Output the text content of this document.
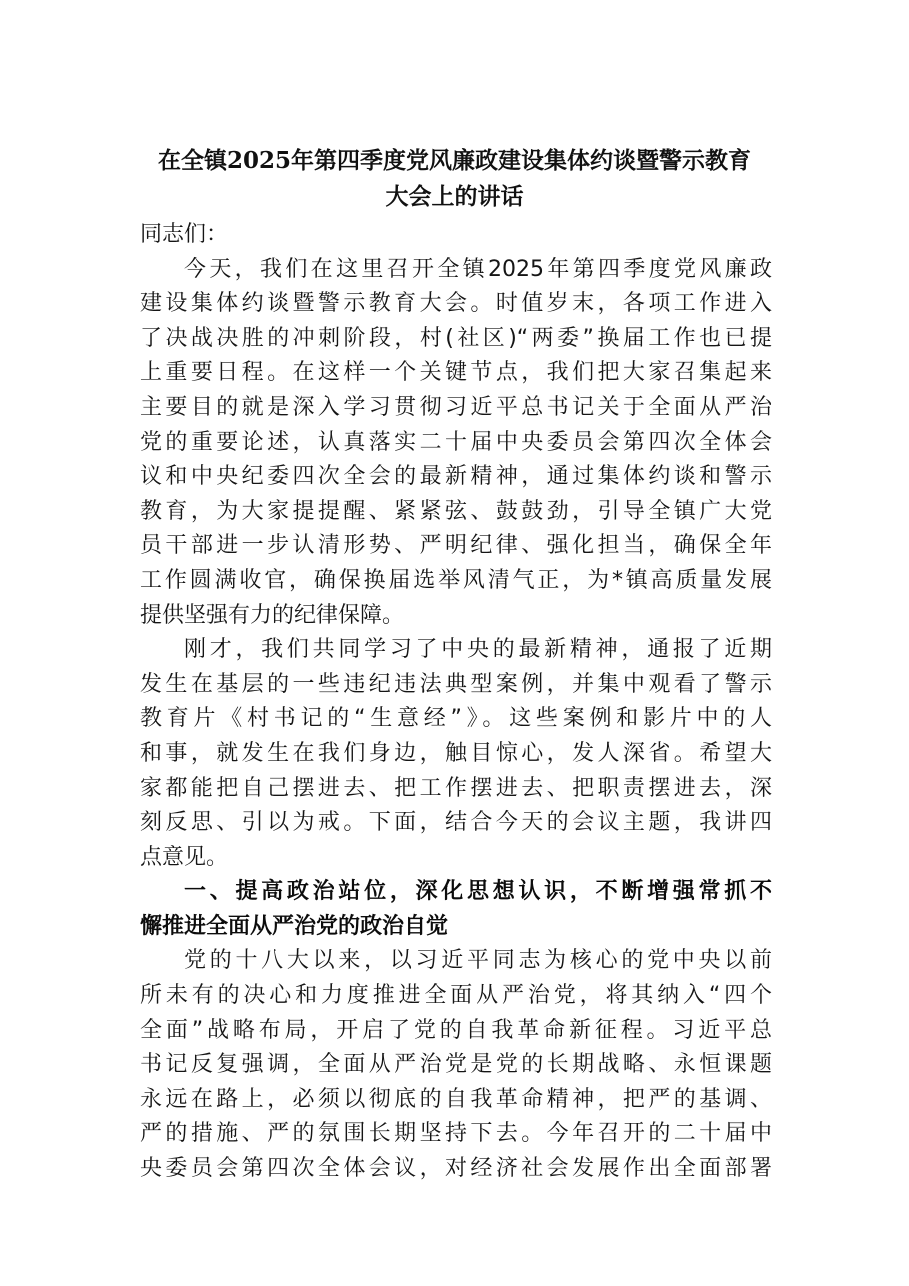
在全镇2025年第四季度党风廉政建设集体约谈暨警示教育
大会上的讲话
同志们：
今天，我们在这里召开全镇2025年第四季度党风廉政
建设集体约谈暨警示教育大会。时值岁末，各项工作进入
了决战决胜的冲刺阶段，村(社区)“两委”换届工作也已提
上重要日程。在这样一个关键节点，我们把大家召集起来
主要目的就是深入学习贯彻习近平总书记关于全面从严治
党的重要论述，认真落实二十届中央委员会第四次全体会
议和中央纪委四次全会的最新精神，通过集体约谈和警示
教育，为大家提提醒、紧紧弦、鼓鼓劲，引导全镇广大党
员干部进一步认清形势、严明纪律、强化担当，确保全年
工作圆满收官，确保换届选举风清气正，为*镇高质量发展
提供坚强有力的纪律保障。
刚才，我们共同学习了中央的最新精神，通报了近期
发生在基层的一些违纪违法典型案例，并集中观看了警示
教育片《村书记的“生意经”》。这些案例和影片中的人
和事，就发生在我们身边，触目惊心，发人深省。希望大
家都能把自己摆进去、把工作摆进去、把职责摆进去，深
刻反思、引以为戒。下面，结合今天的会议主题，我讲四
点意见。
一、提高政治站位，深化思想认识，不断增强常抓不
懈推进全面从严治党的政治自觉
党的十八大以来，以习近平同志为核心的党中央以前
所未有的决心和力度推进全面从严治党，将其纳入“四个
全面”战略布局，开启了党的自我革命新征程。习近平总
书记反复强调，全面从严治党是党的长期战略、永恒课题
永远在路上，必须以彻底的自我革命精神，把严的基调、
严的措施、严的氛围长期坚持下去。今年召开的二十届中
央委员会第四次全体会议，对经济社会发展作出全面部署
